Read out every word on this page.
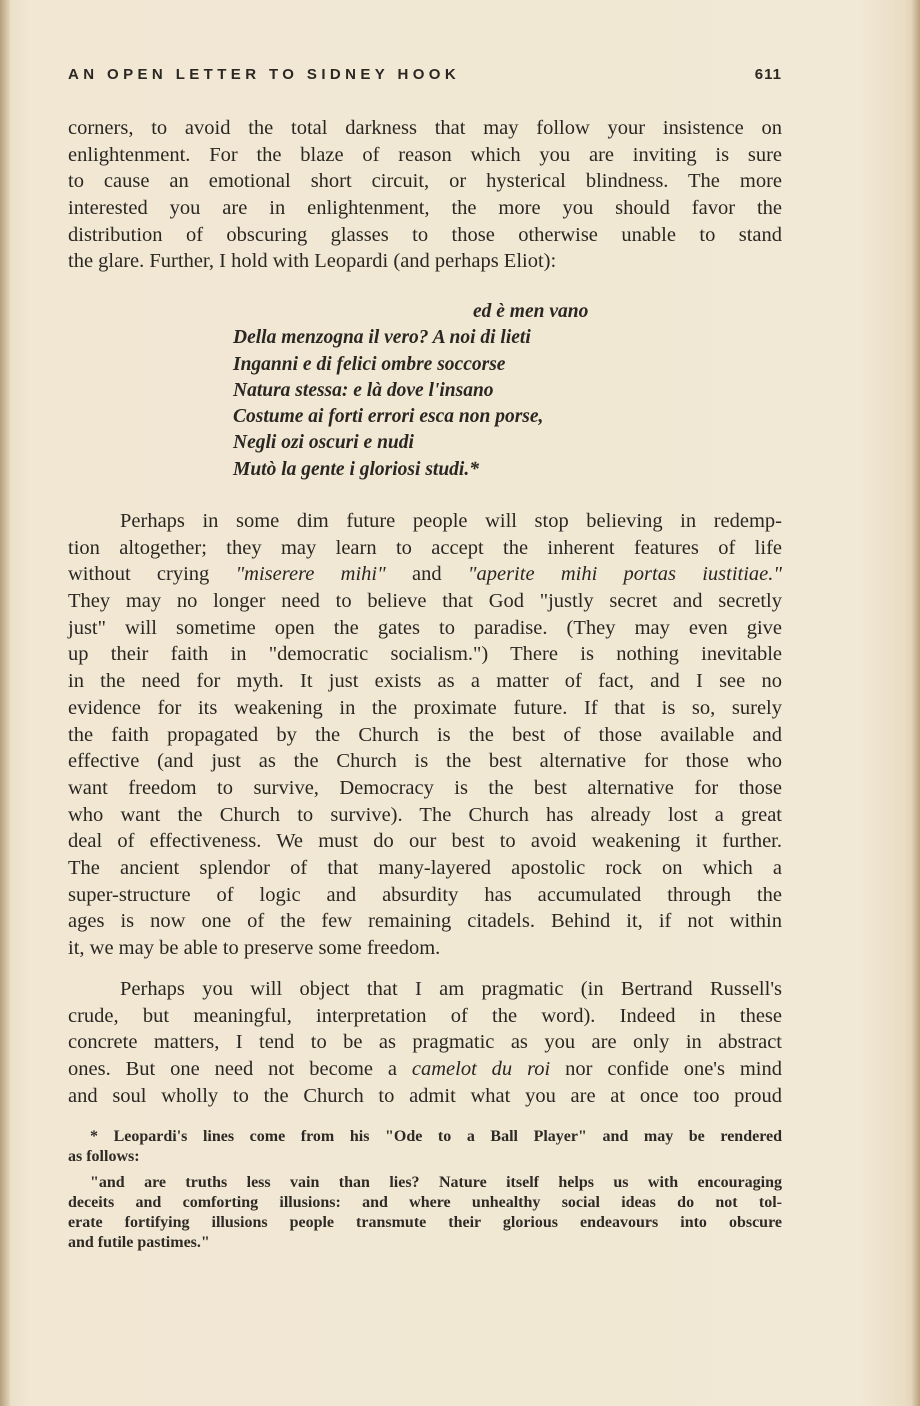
AN OPEN LETTER TO SIDNEY HOOK	611
corners, to avoid the total darkness that may follow your insistence on
enlightenment. For the blaze of reason which you are inviting is sure
to cause an emotional short circuit, or hysterical blindness. The more
interested you are in enlightenment, the more you should favor the
distribution of obscuring glasses to those otherwise unable to stand
the glare. Further, I hold with Leopardi (and perhaps Eliot):
ed è men vano
Della menzogna il vero? A noi di lieti
Inganni e di felici ombre soccorse
Natura stessa: e là dove l'insano
Costume ai forti errori esca non porse,
Negli ozi oscuri e nudi
Mutò la gente i gloriosi studi.*
Perhaps in some dim future people will stop believing in redemp-
tion altogether; they may learn to accept the inherent features of life
without crying "miserere mihi" and "aperite mihi portas iustitiae."
They may no longer need to believe that God "justly secret and secretly
just" will sometime open the gates to paradise. (They may even give
up their faith in "democratic socialism.") There is nothing inevitable
in the need for myth. It just exists as a matter of fact, and I see no
evidence for its weakening in the proximate future. If that is so, surely
the faith propagated by the Church is the best of those available and
effective (and just as the Church is the best alternative for those who
want freedom to survive, Democracy is the best alternative for those
who want the Church to survive). The Church has already lost a great
deal of effectiveness. We must do our best to avoid weakening it further.
The ancient splendor of that many-layered apostolic rock on which a
super-structure of logic and absurdity has accumulated through the
ages is now one of the few remaining citadels. Behind it, if not within
it, we may be able to preserve some freedom.
Perhaps you will object that I am pragmatic (in Bertrand Russell's
crude, but meaningful, interpretation of the word). Indeed in these
concrete matters, I tend to be as pragmatic as you are only in abstract
ones. But one need not become a camelot du roi nor confide one's mind
and soul wholly to the Church to admit what you are at once too proud
* Leopardi's lines come from his "Ode to a Ball Player" and may be rendered
as follows:
"and are truths less vain than lies? Nature itself helps us with encouraging
deceits and comforting illusions: and where unhealthy social ideas do not tol-
erate fortifying illusions people transmute their glorious endeavours into obscure
and futile pastimes."
